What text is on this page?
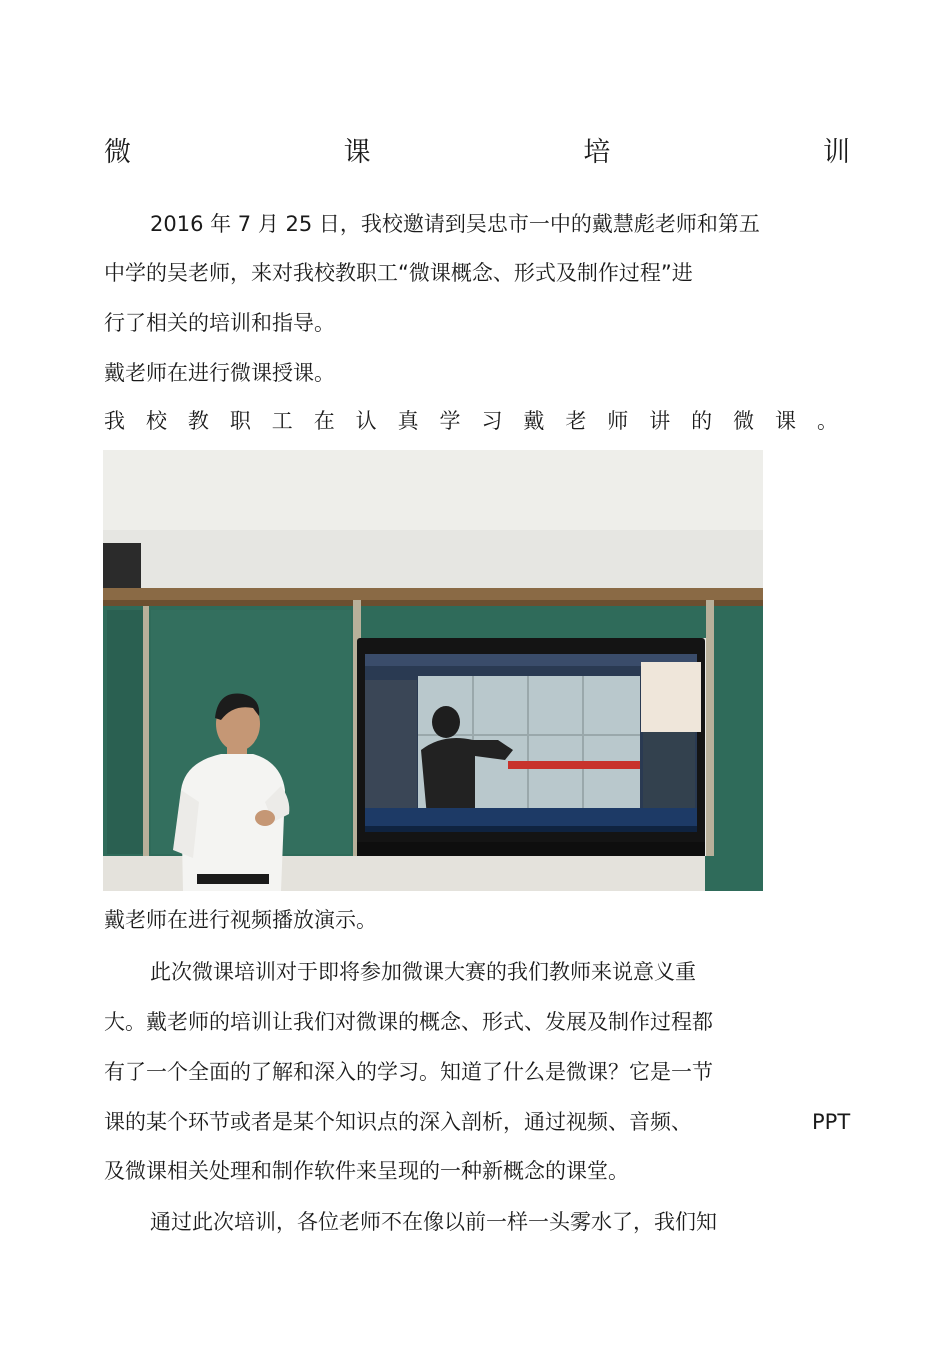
微	课	培	训
2016 年 7 月 25 日，我校邀请到吴忠市一中的戴慧彪老师和第五
中学的吴老师，来对我校教职工“微课概念、形式及制作过程”进
行了相关的培训和指导。
戴老师在进行微课授课。
我 校 教 职 工 在 认 真 学 习 戴 老 师 讲 的 微 课 。
戴老师在进行视频播放演示。
此次微课培训对于即将参加微课大赛的我们教师来说意义重
大。戴老师的培训让我们对微课的概念、形式、发展及制作过程都
有了一个全面的了解和深入的学习。知道了什么是微课？它是一节
课的某个环节或者是某个知识点的深入剖析，通过视频、音频、	PPT
及微课相关处理和制作软件来呈现的一种新概念的课堂。
通过此次培训，各位老师不在像以前一样一头雾水了，我们知
